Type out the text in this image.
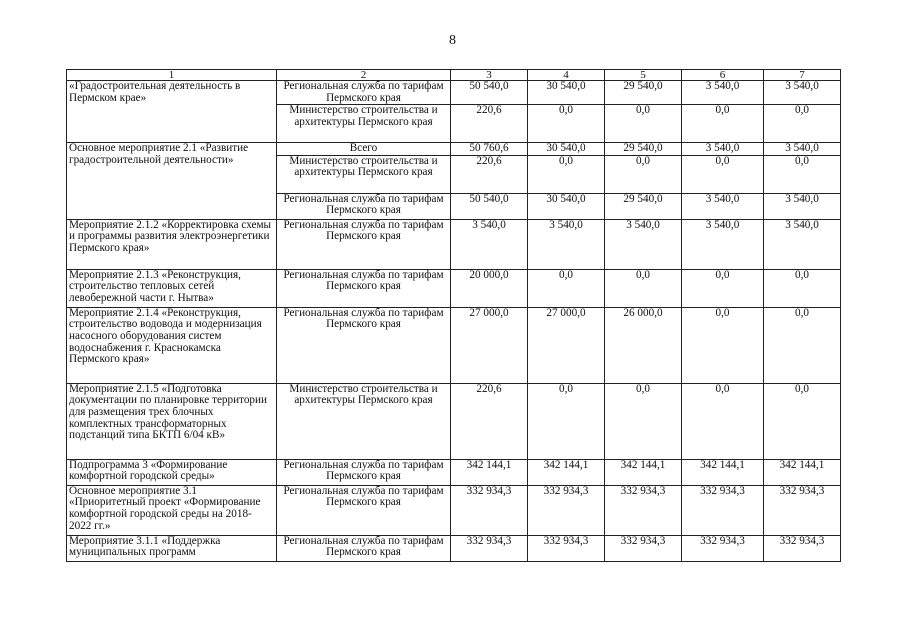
8
1	2	3	4	5	6	7
«Градостроительная деятельность в Пермском крае»	Региональная служба по тарифам Пермского края	50 540,0	30 540,0	29 540,0	3 540,0	3 540,0
	Министерство строительства и архитектуры Пермского края	220,6	0,0	0,0	0,0	0,0
Основное мероприятие 2.1 «Развитие градостроительной деятельности»	Всего	50 760,6	30 540,0	29 540,0	3 540,0	3 540,0
	Министерство строительства и архитектуры Пермского края	220,6	0,0	0,0	0,0	0,0
	Региональная служба по тарифам Пермского края	50 540,0	30 540,0	29 540,0	3 540,0	3 540,0
Мероприятие 2.1.2 «Корректировка схемы и программы развития электроэнергетики Пермского края»	Региональная служба по тарифам Пермского края	3 540,0	3 540,0	3 540,0	3 540,0	3 540,0
Мероприятие 2.1.3 «Реконструкция, строительство тепловых сетей левобережной части г. Нытва»	Региональная служба по тарифам Пермского края	20 000,0	0,0	0,0	0,0	0,0
Мероприятие 2.1.4 «Реконструкция, строительство водовода и модернизация насосного оборудования систем водоснабжения г. Краснокамска Пермского края»	Региональная служба по тарифам Пермского края	27 000,0	27 000,0	26 000,0	0,0	0,0
Мероприятие 2.1.5 «Подготовка документации по планировке территории для размещения трех блочных комплектных трансформаторных подстанций типа БКТП 6/04 кВ»	Министерство строительства и архитектуры Пермского края	220,6	0,0	0,0	0,0	0,0
Подпрограмма 3 «Формирование комфортной городской среды»	Региональная служба по тарифам Пермского края	342 144,1	342 144,1	342 144,1	342 144,1	342 144,1
Основное мероприятие 3.1 «Приоритетный проект «Формирование комфортной городской среды на 2018-2022 гг.»	Региональная служба по тарифам Пермского края	332 934,3	332 934,3	332 934,3	332 934,3	332 934,3
Мероприятие 3.1.1 «Поддержка муниципальных программ	Региональная служба по тарифам Пермского края	332 934,3	332 934,3	332 934,3	332 934,3	332 934,3
